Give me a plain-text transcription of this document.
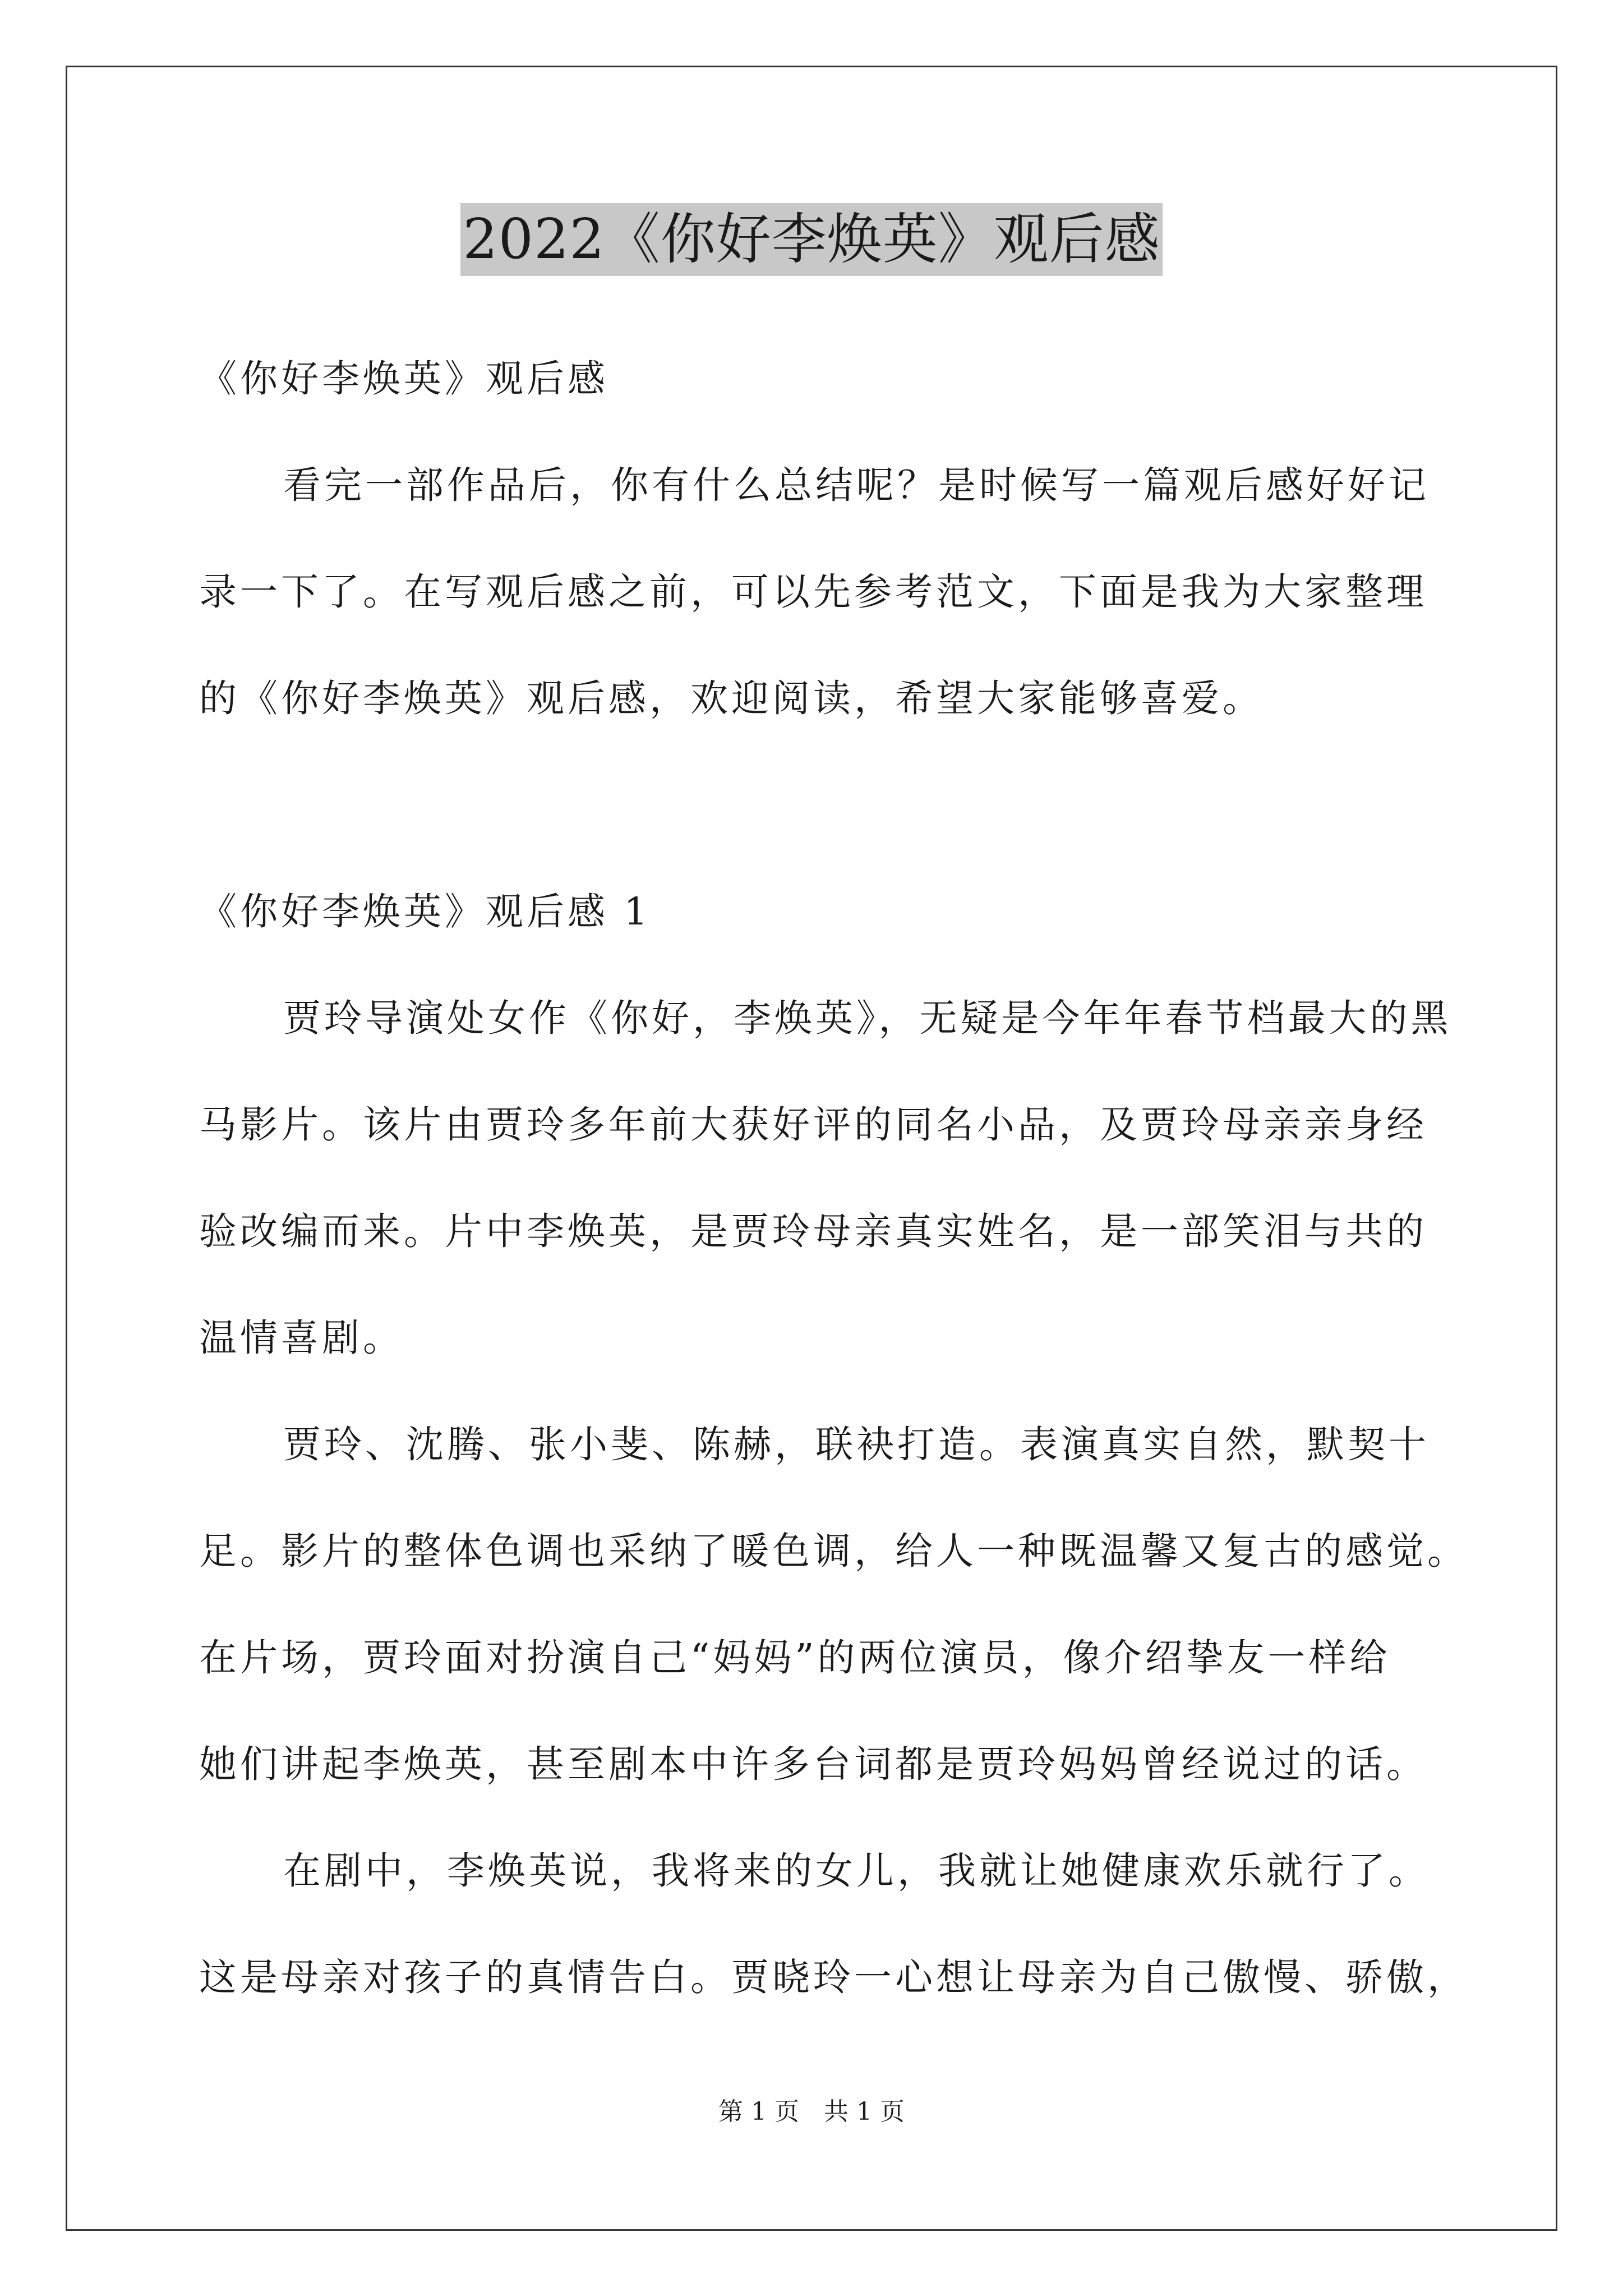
2022《你好李焕英》观后感
《你好李焕英》观后感
看完一部作品后，你有什么总结呢？是时候写一篇观后感好好记
录一下了。在写观后感之前，可以先参考范文，下面是我为大家整理
的《你好李焕英》观后感，欢迎阅读，希望大家能够喜爱。
《你好李焕英》观后感 1
贾玲导演处女作《你好，李焕英》，无疑是今年年春节档最大的黑
马影片。该片由贾玲多年前大获好评的同名小品，及贾玲母亲亲身经
验改编而来。片中李焕英，是贾玲母亲真实姓名，是一部笑泪与共的
温情喜剧。
贾玲、沈腾、张小斐、陈赫，联袂打造。表演真实自然，默契十
足。影片的整体色调也采纳了暖色调，给人一种既温馨又复古的感觉。
在片场，贾玲面对扮演自己“妈妈”的两位演员，像介绍挚友一样给
她们讲起李焕英，甚至剧本中许多台词都是贾玲妈妈曾经说过的话。
在剧中，李焕英说，我将来的女儿，我就让她健康欢乐就行了。
这是母亲对孩子的真情告白。贾晓玲一心想让母亲为自己傲慢、骄傲，
第 1 页 共 1 页
